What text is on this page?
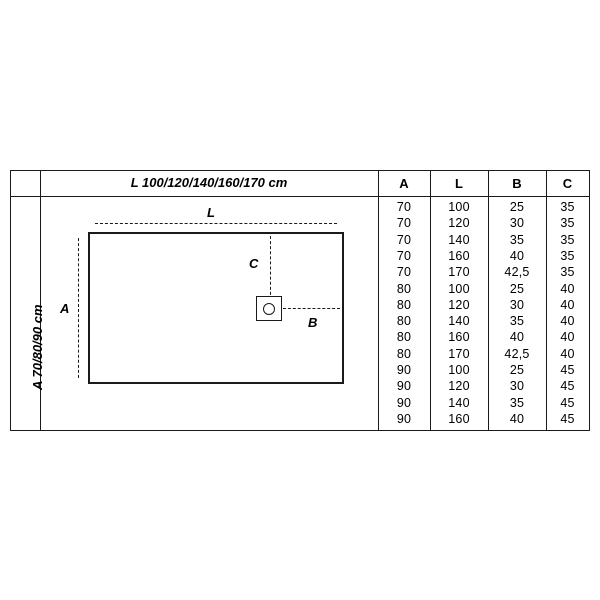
L 100/120/140/160/170 cm
A 70/80/90 cm
A	L	B	C
L
A
C
B
70	100	25	35
70	120	30	35
70	140	35	35
70	160	40	35
70	170	42,5	35
80	100	25	40
80	120	30	40
80	140	35	40
80	160	40	40
80	170	42,5	40
90	100	25	45
90	120	30	45
90	140	35	45
90	160	40	45
